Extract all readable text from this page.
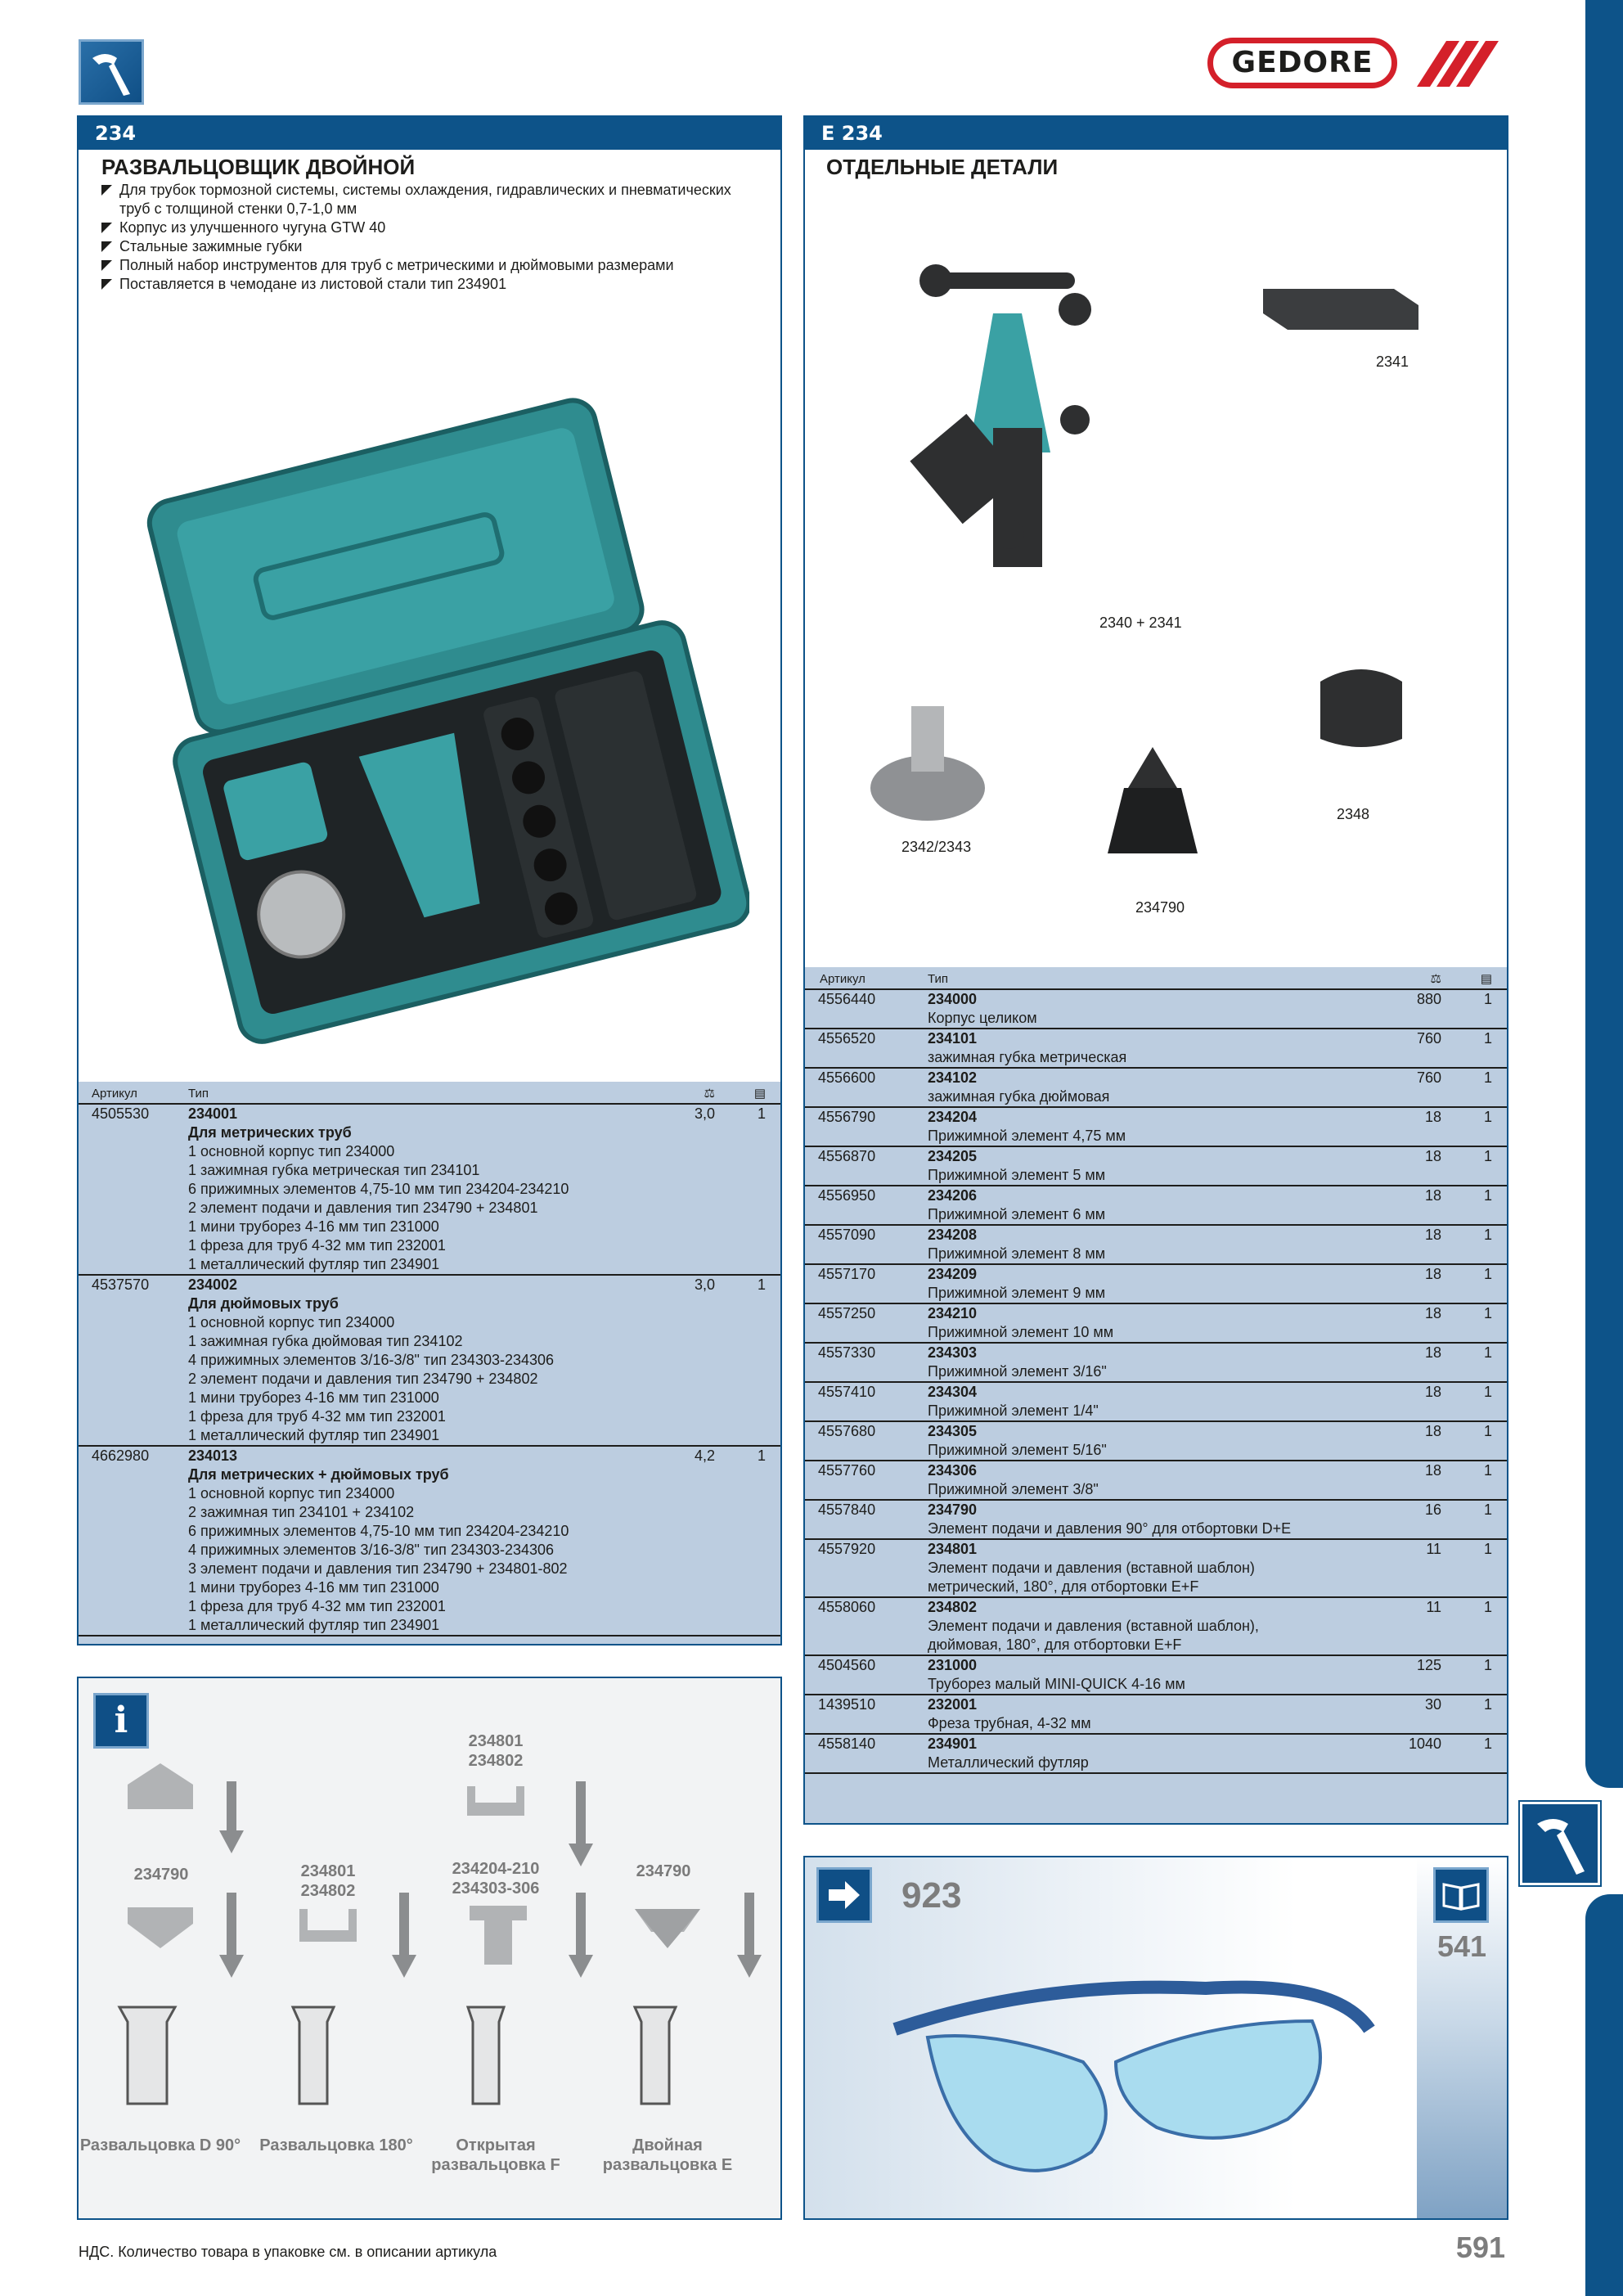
GEDORE
234
РАЗВАЛЬЦОВЩИК ДВОЙНОЙ
Для трубок тормозной системы, системы охлаждения, гидравлических и пневматических труб с толщиной стенки 0,7-1,0 мм
Корпус из улучшенного чугуна GTW 40
Стальные зажимные губки
Полный набор инструментов для труб с метрическими и дюймовыми размерами
Поставляется в чемодане из листовой стали тип 234901
Артикул	Тип	⚖	▤
4505530	234001
Для метрических труб
1 основной корпус тип 234000
1 зажимная губка метрическая тип 234101
6 прижимных элементов 4,75-10 мм тип 234204-234210
2 элемент подачи и давления тип 234790 + 234801
1 мини труборез 4-16 мм тип 231000
1 фреза для труб 4-32 мм тип 232001
1 металлический футляр тип 234901
3,0	1
4537570	234002
Для дюймовых труб
1 основной корпус тип 234000
1 зажимная губка дюймовая тип 234102
4 прижимных элементов 3/16-3/8" тип 234303-234306
2 элемент подачи и давления тип 234790 + 234802
1 мини труборез 4-16 мм тип 231000
1 фреза для труб 4-32 мм тип 232001
1 металлический футляр тип 234901
3,0	1
4662980	234013
Для метрических + дюймовых труб
1 основной корпус тип 234000
2 зажимная тип 234101 + 234102
6 прижимных элементов 4,75-10 мм тип 234204-234210
4 прижимных элементов 3/16-3/8" тип 234303-234306
3 элемент подачи и давления тип 234790 + 234801-802
1 мини труборез 4-16 мм тип 231000
1 фреза для труб 4-32 мм тип 232001
1 металлический футляр тип 234901
4,2	1
i
234790	234801
234802
234801
234802
234204-210
234303-306
234790
Развальцовка D 90° Развальцовка 180°	Открытая
развальцовка F
Двойная
развальцовка E
E 234
ОТДЕЛЬНЫЕ ДЕТАЛИ
2341
2340 + 2341
2342/2343
234790
2348
Артикул	Тип	⚖	▤
4556440	234000
Корпус целиком
880	1
4556520	234101
зажимная губка метрическая
760	1
4556600	234102
зажимная губка дюймовая
760	1
4556790	234204
Прижимной элемент 4,75 мм
18	1
4556870	234205
Прижимной элемент 5 мм
18	1
4556950	234206
Прижимной элемент 6 мм
18	1
4557090	234208
Прижимной элемент 8 мм
18	1
4557170	234209
Прижимной элемент 9 мм
18	1
4557250	234210
Прижимной элемент 10 мм
18	1
4557330	234303
Прижимной элемент 3/16"
18	1
4557410	234304
Прижимной элемент 1/4"
18	1
4557680	234305
Прижимной элемент 5/16"
18	1
4557760	234306
Прижимной элемент 3/8"
18	1
4557840	234790
Элемент подачи и давления 90° для отбортовки D+E
16	1
4557920	234801
Элемент подачи и давления (вставной шаблон)
метрический, 180°, для отбортовки E+F
11	1
4558060	234802
Элемент подачи и давления (вставной шаблон),
дюймовая, 180°, для отбортовки E+F
11	1
4504560	231000
Труборез малый MINI-QUICK 4-16 мм
125	1
1439510	232001
Фреза трубная, 4-32 мм
30	1
4558140	234901
Металлический футляр
1040	1
923
541
НДС. Количество товара в упаковке см. в описании артикула	591
